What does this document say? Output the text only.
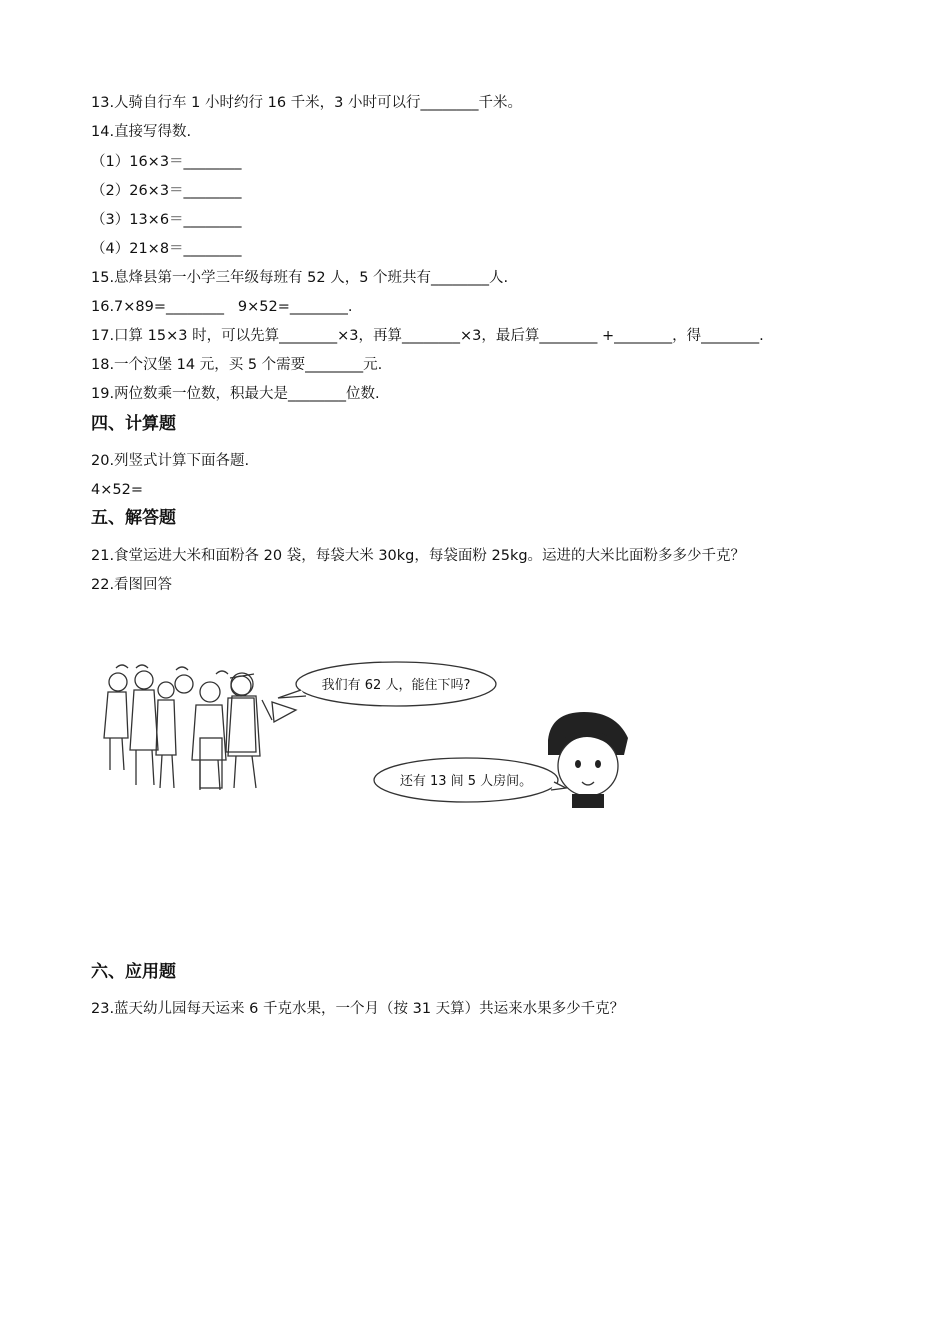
13.人骑自行车 1 小时约行 16 千米，3 小时可以行________千米。
14.直接写得数.
（1）16×3＝________
（2）26×3＝________
（3）13×6＝________
（4）21×8＝________
15.息烽县第一小学三年级每班有 52 人，5 个班共有________人.
16.7×89=________   9×52=________.
17.口算 15×3 时，可以先算________×3，再算________×3，最后算________ +________，得________.
18.一个汉堡 14 元，买 5 个需要________元.
19.两位数乘一位数，积最大是________位数.
四、计算题
20.列竖式计算下面各题.
4×52=
五、解答题
21.食堂运进大米和面粉各 20 袋，每袋大米 30kg，每袋面粉 25kg。运进的大米比面粉多多少千克？
22.看图回答
我们有 62 人，能住下吗?
还有 13 间 5 人房间。
六、应用题
23.蓝天幼儿园每天运来 6 千克水果，一个月（按 31 天算）共运来水果多少千克？
